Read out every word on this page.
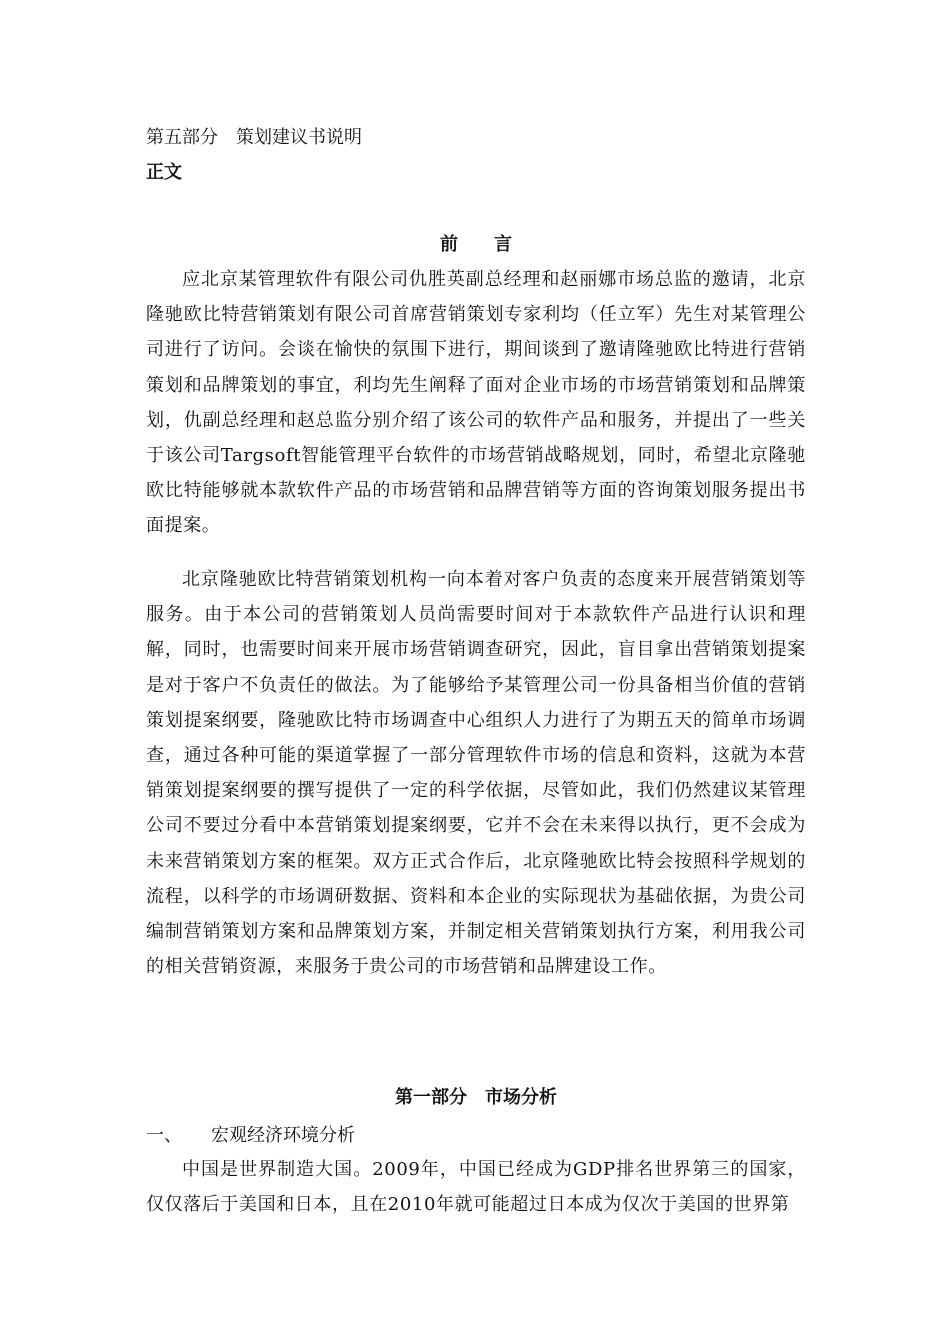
第五部分　策划建议书说明
正文
前　　言
应北京某管理软件有限公司仇胜英副总经理和赵丽娜市场总监的邀请，北京隆驰欧比特营销策划有限公司首席营销策划专家利均（任立军）先生对某管理公司进行了访问。会谈在愉快的氛围下进行，期间谈到了邀请隆驰欧比特进行营销策划和品牌策划的事宜，利均先生阐释了面对企业市场的市场营销策划和品牌策划，仇副总经理和赵总监分别介绍了该公司的软件产品和服务，并提出了一些关于该公司Targsoft智能管理平台软件的市场营销战略规划，同时，希望北京隆驰欧比特能够就本款软件产品的市场营销和品牌营销等方面的咨询策划服务提出书面提案。
北京隆驰欧比特营销策划机构一向本着对客户负责的态度来开展营销策划等服务。由于本公司的营销策划人员尚需要时间对于本款软件产品进行认识和理解，同时，也需要时间来开展市场营销调查研究，因此，盲目拿出营销策划提案是对于客户不负责任的做法。为了能够给予某管理公司一份具备相当价值的营销策划提案纲要，隆驰欧比特市场调查中心组织人力进行了为期五天的简单市场调查，通过各种可能的渠道掌握了一部分管理软件市场的信息和资料，这就为本营销策划提案纲要的撰写提供了一定的科学依据，尽管如此，我们仍然建议某管理公司不要过分看中本营销策划提案纲要，它并不会在未来得以执行，更不会成为未来营销策划方案的框架。双方正式合作后，北京隆驰欧比特会按照科学规划的流程，以科学的市场调研数据、资料和本企业的实际现状为基础依据，为贵公司编制营销策划方案和品牌策划方案，并制定相关营销策划执行方案，利用我公司的相关营销资源，来服务于贵公司的市场营销和品牌建设工作。
第一部分　市场分析
一、 宏观经济环境分析
中国是世界制造大国。2009年，中国已经成为GDP排名世界第三的国家，仅仅落后于美国和日本，且在2010年就可能超过日本成为仅次于美国的世界第
